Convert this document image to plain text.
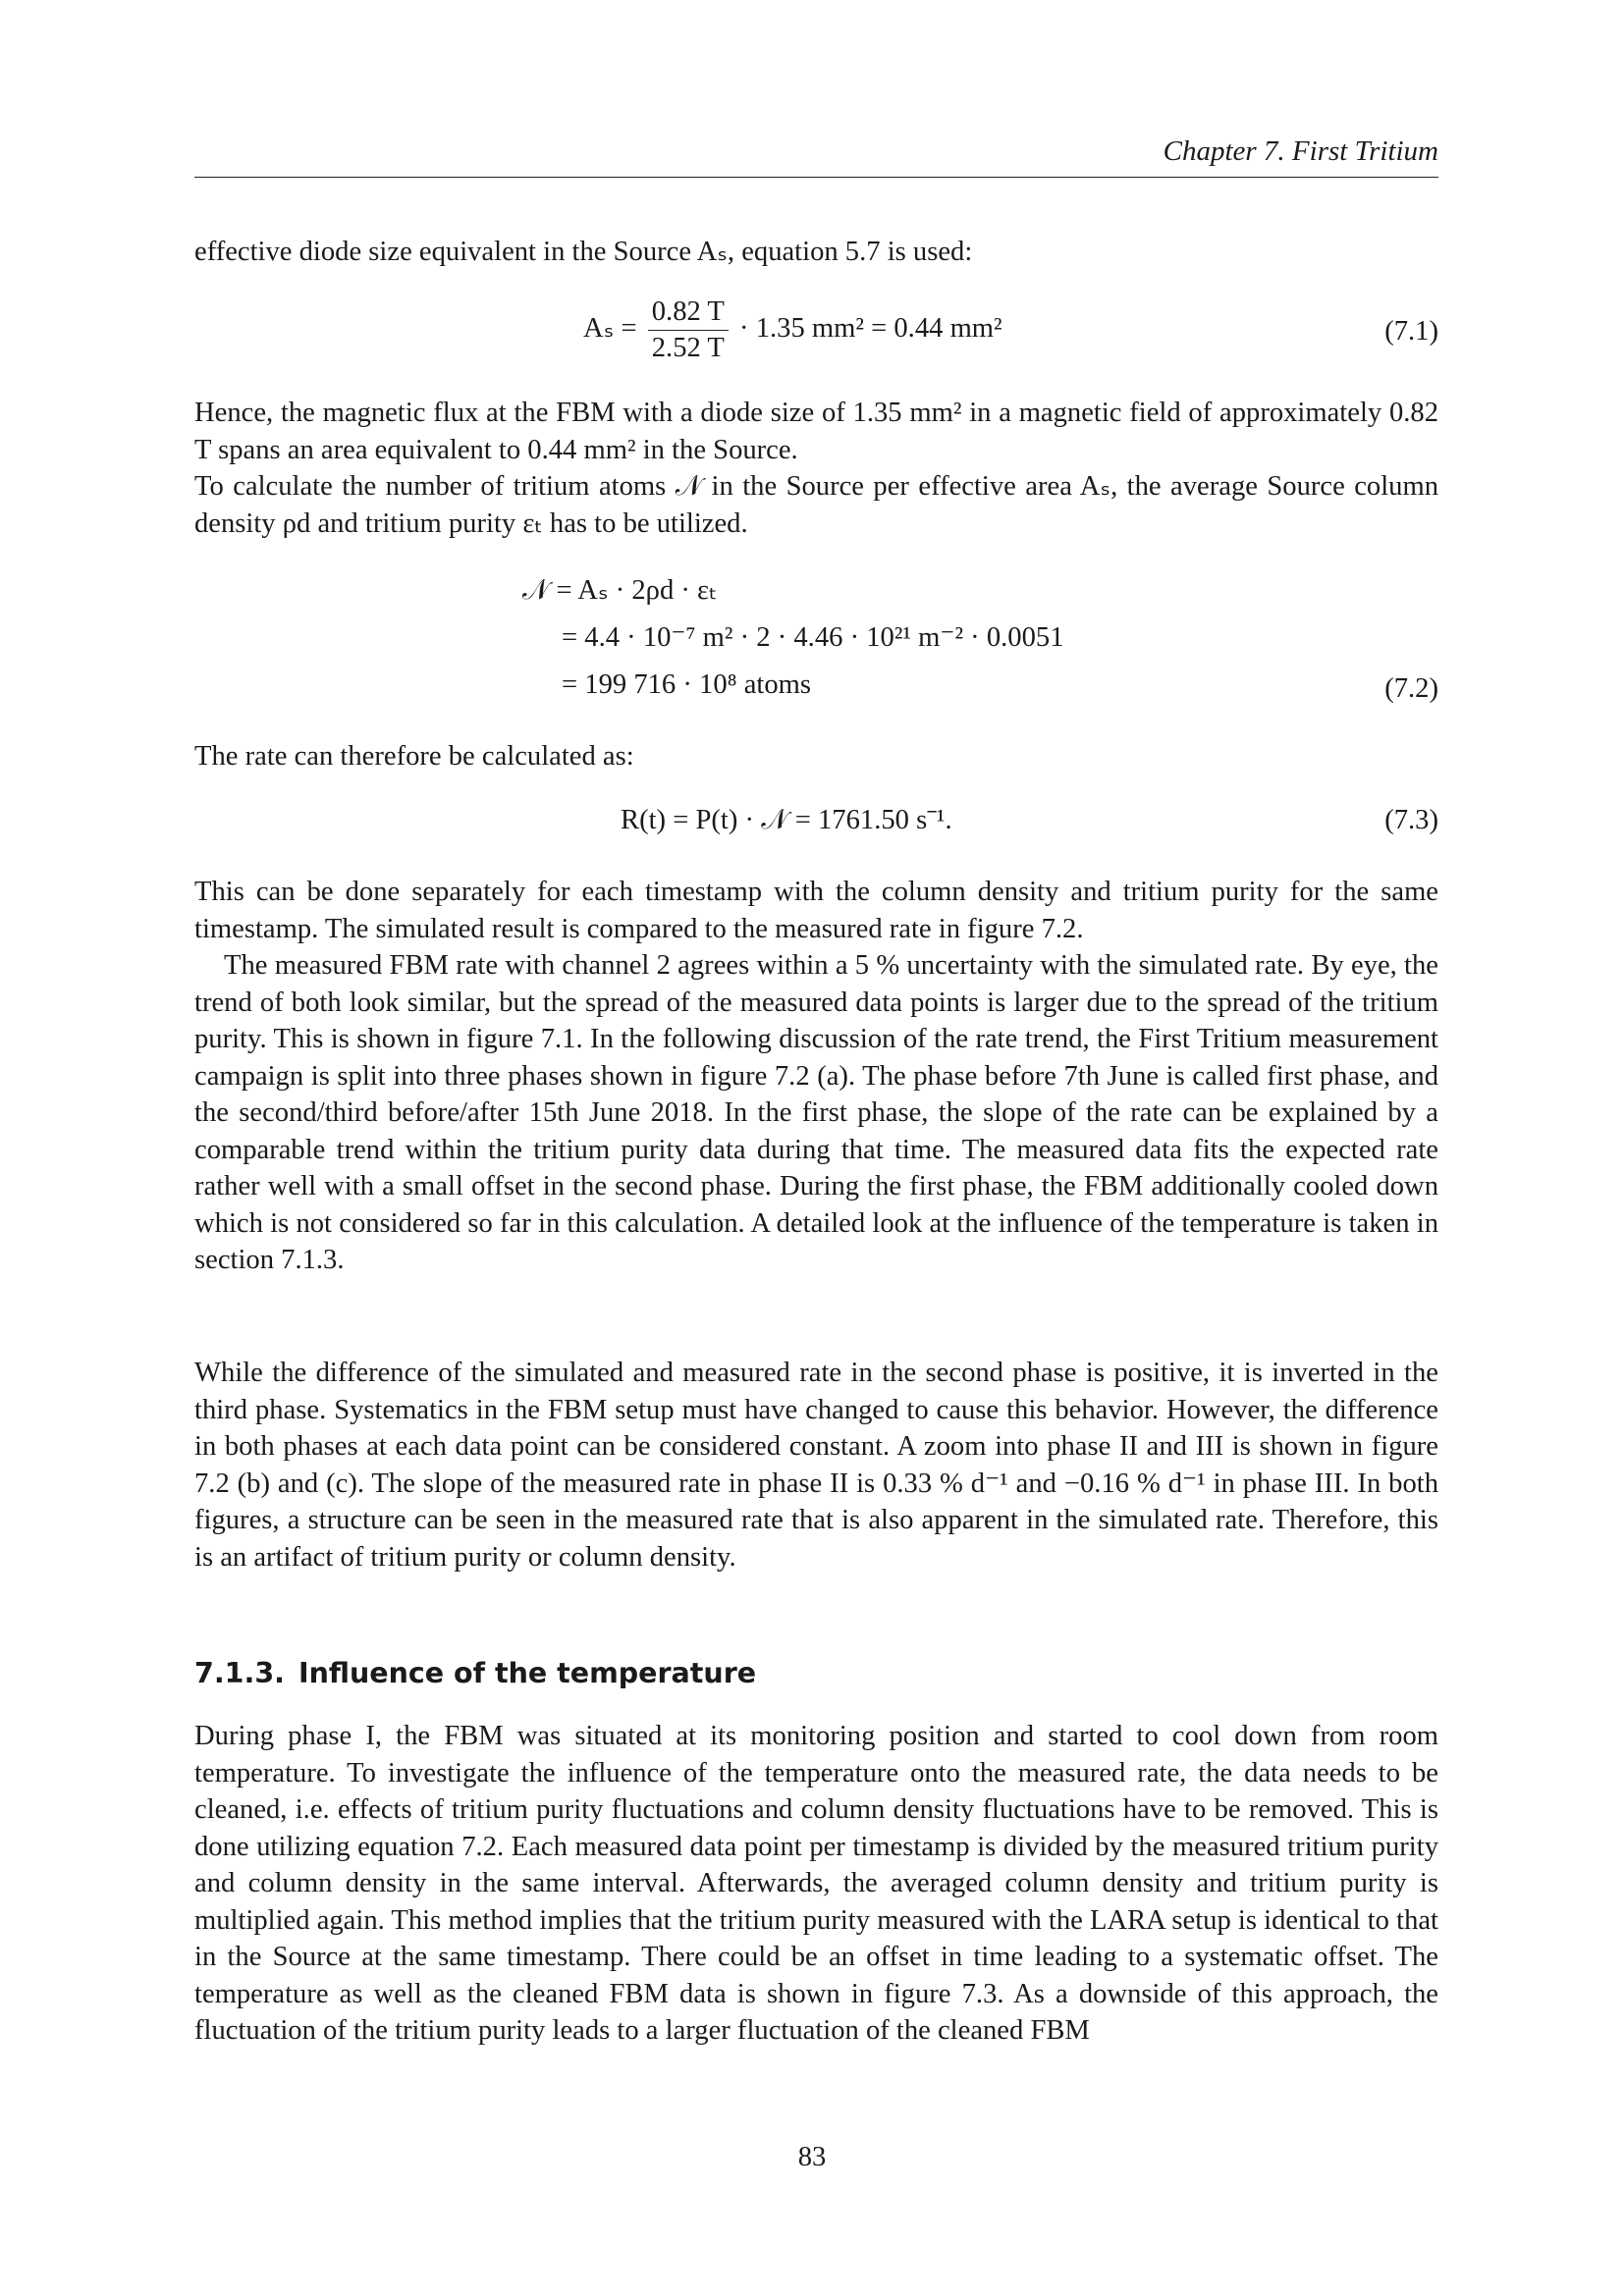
Chapter 7. First Tritium

effective diode size equivalent in the Source Aₛ, equation 5.7 is used:

$A_s = \frac{0.82 T}{2.52 T} \cdot 1.35$ mm² = 0.44 mm²	(7.1)

Hence, the magnetic flux at the FBM with a diode size of 1.35 mm² in a magnetic field of approximately 0.82 T spans an area equivalent to 0.44 mm² in the Source.

To calculate the number of tritium atoms 𝒩 in the Source per effective area Aₛ, the average Source column density ρd and tritium purity εₜ has to be utilized.

𝒩 = Aₛ · 2ρd · εₜ
= 4.4 · 10⁻⁷ m² · 2 · 4.46 · 10²¹ m⁻² · 0.0051
= 199 716 · 10⁸ atoms	(7.2)

The rate can therefore be calculated as:

R(t) = P(t) · 𝒩 = 1761.50 s⁻¹.	(7.3)

This can be done separately for each timestamp with the column density and tritium purity for the same timestamp. The simulated result is compared to the measured rate in figure 7.2.

The measured FBM rate with channel 2 agrees within a 5 % uncertainty with the simulated rate. By eye, the trend of both look similar, but the spread of the measured data points is larger due to the spread of the tritium purity. This is shown in figure 7.1. In the following discussion of the rate trend, the First Tritium measurement campaign is split into three phases shown in figure 7.2 (a). The phase before 7th June is called first phase, and the second/third before/after 15th June 2018. In the first phase, the slope of the rate can be explained by a comparable trend within the tritium purity data during that time. The measured data fits the expected rate rather well with a small offset in the second phase. During the first phase, the FBM additionally cooled down which is not considered so far in this calculation. A detailed look at the influence of the temperature is taken in section 7.1.3.

While the difference of the simulated and measured rate in the second phase is positive, it is inverted in the third phase. Systematics in the FBM setup must have changed to cause this behavior. However, the difference in both phases at each data point can be considered constant. A zoom into phase II and III is shown in figure 7.2 (b) and (c). The slope of the measured rate in phase II is 0.33 % d⁻¹ and −0.16 % d⁻¹ in phase III. In both figures, a structure can be seen in the measured rate that is also apparent in the simulated rate. Therefore, this is an artifact of tritium purity or column density.

7.1.3. Influence of the temperature

During phase I, the FBM was situated at its monitoring position and started to cool down from room temperature. To investigate the influence of the temperature onto the measured rate, the data needs to be cleaned, i.e. effects of tritium purity fluctuations and column density fluctuations have to be removed. This is done utilizing equation 7.2. Each measured data point per timestamp is divided by the measured tritium purity and column density in the same interval. Afterwards, the averaged column density and tritium purity is multiplied again. This method implies that the tritium purity measured with the LARA setup is identical to that in the Source at the same timestamp. There could be an offset in time leading to a systematic offset. The temperature as well as the cleaned FBM data is shown in figure 7.3. As a downside of this approach, the fluctuation of the tritium purity leads to a larger fluctuation of the cleaned FBM

83
